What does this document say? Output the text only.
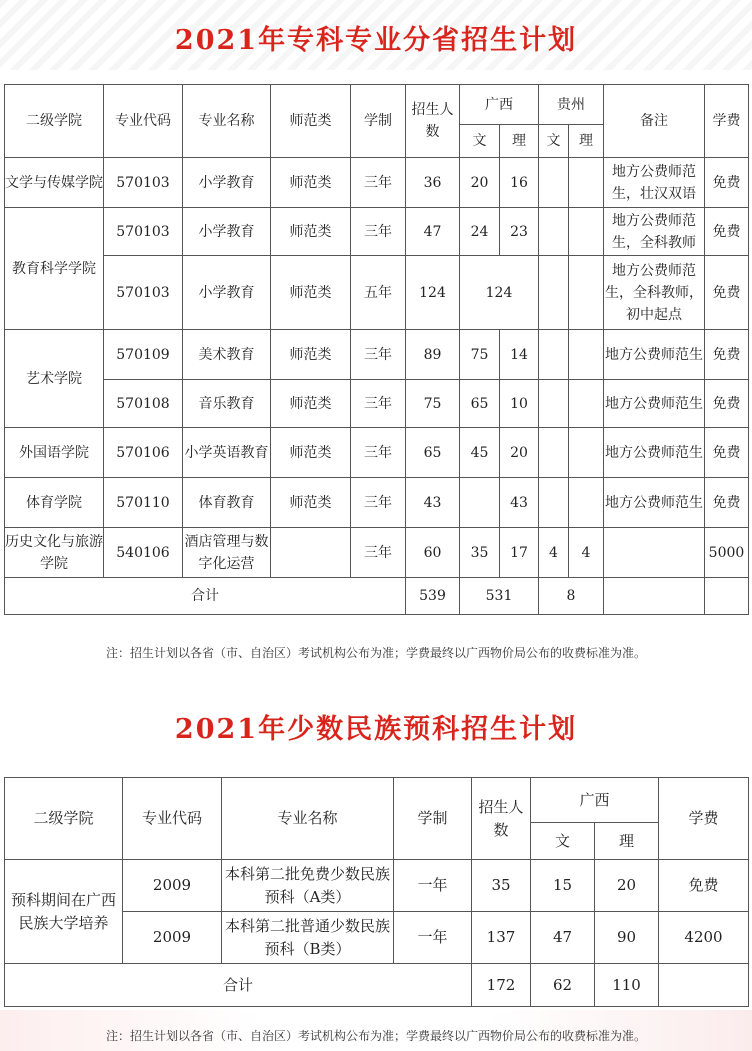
2021年专科专业分省招生计划
二级学院	专业代码	专业名称	师范类	学制	招生人数	广西		贵州		备注	学费
						文	理	文	理		
文学与传媒学院	570103	小学教育	师范类	三年	36	20	16			地方公费师范生，壮汉双语	免费
教育科学学院	570103	小学教育	师范类	三年	47	24	23			地方公费师范生，全科教师	免费
	570103	小学教育	师范类	五年	124	124				地方公费师范生，全科教师，初中起点	免费
艺术学院	570109	美术教育	师范类	三年	89	75	14			地方公费师范生	免费
	570108	音乐教育	师范类	三年	75	65	10			地方公费师范生	免费
外国语学院	570106	小学英语教育	师范类	三年	65	45	20			地方公费师范生	免费
体育学院	570110	体育教育	师范类	三年	43		43			地方公费师范生	免费
历史文化与旅游学院	540106	酒店管理与数字化运营		三年	60	35	17	4	4		5000
合计					539	531		8			
注：招生计划以各省（市、自治区）考试机构公布为准；学费最终以广西物价局公布的收费标准为准。
2021年少数民族预科招生计划
二级学院	专业代码	专业名称	学制	招生人数	广西		学费
					文	理	
预科期间在广西民族大学培养	2009	本科第二批免费少数民族预科（A类）	一年	35	15	20	免费
	2009	本科第二批普通少数民族预科（B类）	一年	137	47	90	4200
合计				172	62	110	
注：招生计划以各省（市、自治区）考试机构公布为准；学费最终以广西物价局公布的收费标准为准。
